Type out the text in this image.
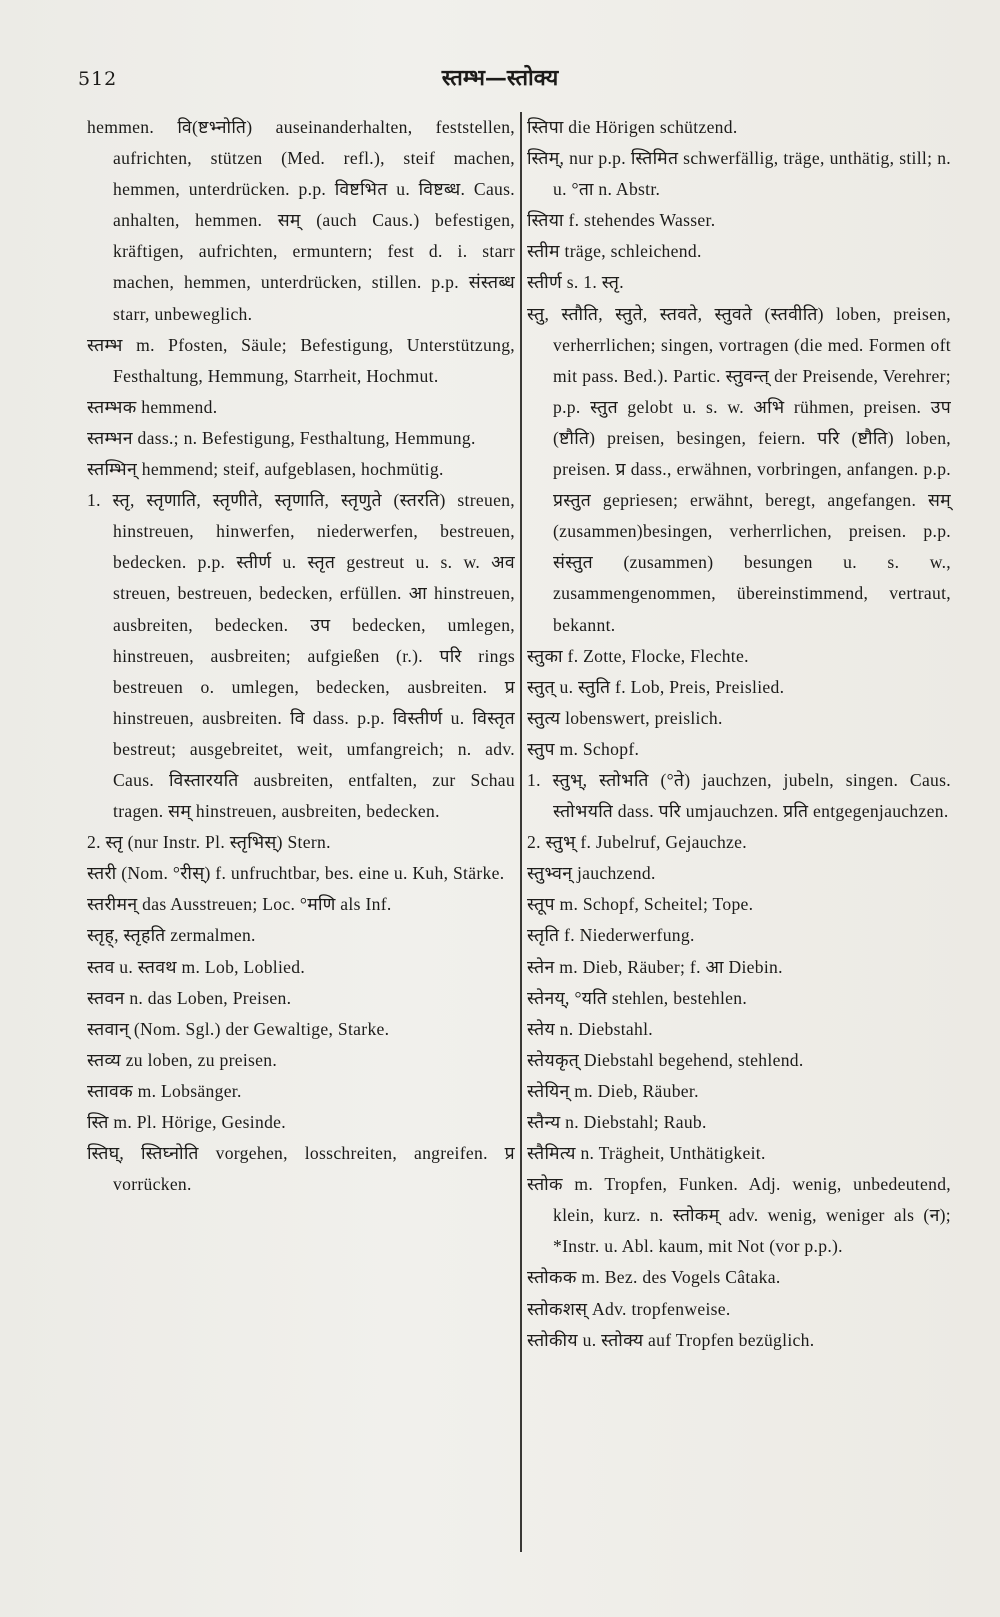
512	स्तम्भ—स्तोक्य
hemmen. वि(ष्टभ्नोति) auseinanderhalten, feststellen, aufrichten, stützen (Med. refl.), steif machen, hemmen, unterdrücken. p.p. विष्टभित u. विष्टब्ध. Caus. anhalten, hemmen. सम् (auch Caus.) befestigen, kräftigen, aufrichten, ermuntern; fest d. i. starr machen, hemmen, unterdrücken, stillen. p.p. संस्तब्ध starr, unbeweglich.
स्तम्भ m. Pfosten, Säule; Befestigung, Unterstützung, Festhaltung, Hemmung, Starrheit, Hochmut.
स्तम्भक hemmend.
स्तम्भन dass.; n. Befestigung, Festhaltung, Hemmung.
स्तम्भिन् hemmend; steif, aufgeblasen, hochmütig.
1. स्तृ, स्तृणाति, स्तृणीते, स्तृणाति, स्तृणुते (स्तरति) streuen, hinstreuen, hinwerfen, niederwerfen, bestreuen, bedecken. p.p. स्तीर्ण u. स्तृत gestreut u. s. w. अव streuen, bestreuen, bedecken, erfüllen. आ hinstreuen, ausbreiten, bedecken. उप bedecken, umlegen, hinstreuen, ausbreiten; aufgießen (r.). परि rings bestreuen o. umlegen, bedecken, ausbreiten. प्र hinstreuen, ausbreiten. वि dass. p.p. विस्तीर्ण u. विस्तृत bestreut; ausgebreitet, weit, umfangreich; n. adv. Caus. विस्तारयति ausbreiten, entfalten, zur Schau tragen. सम् hinstreuen, ausbreiten, bedecken.
2. स्तृ (nur Instr. Pl. स्तृभिस्) Stern.
स्तरी (Nom. °रीस्) f. unfruchtbar, bes. eine u. Kuh, Stärke.
स्तरीमन् das Ausstreuen; Loc. °मणि als Inf.
स्तृह्, स्तृहति zermalmen.
स्तव u. स्तवथ m. Lob, Loblied.
स्तवन n. das Loben, Preisen.
स्तवान् (Nom. Sgl.) der Gewaltige, Starke.
स्तव्य zu loben, zu preisen.
स्तावक m. Lobsänger.
स्ति m. Pl. Hörige, Gesinde.
स्तिघ्, स्तिघ्नोति vorgehen, losschreiten, angreifen. प्र vorrücken.
स्तिपा die Hörigen schützend.
स्तिम्, nur p.p. स्तिमित schwerfällig, träge, unthätig, still; n. u. °ता n. Abstr.
स्तिया f. stehendes Wasser.
स्तीम träge, schleichend.
स्तीर्ण s. 1. स्तृ.
स्तु, स्तौति, स्तुते, स्तवते, स्तुवते (स्तवीति) loben, preisen, verherrlichen; singen, vortragen (die med. Formen oft mit pass. Bed.). Partic. स्तुवन्त् der Preisende, Verehrer; p.p. स्तुत gelobt u. s. w. अभि rühmen, preisen. उप (ष्टौति) preisen, besingen, feiern. परि (ष्टौति) loben, preisen. प्र dass., erwähnen, vorbringen, anfangen. p.p. प्रस्तुत gepriesen; erwähnt, beregt, angefangen. सम् (zusammen)besingen, verherrlichen, preisen. p.p. संस्तुत (zusammen) besungen u. s. w., zusammengenommen, übereinstimmend, vertraut, bekannt.
स्तुका f. Zotte, Flocke, Flechte.
स्तुत् u. स्तुति f. Lob, Preis, Preislied.
स्तुत्य lobenswert, preislich.
स्तुप m. Schopf.
1. स्तुभ्, स्तोभति (°ते) jauchzen, jubeln, singen. Caus. स्तोभयति dass. परि umjauchzen. प्रति entgegenjauchzen.
2. स्तुभ् f. Jubelruf, Gejauchze.
स्तुभ्वन् jauchzend.
स्तूप m. Schopf, Scheitel; Tope.
स्तृति f. Niederwerfung.
स्तेन m. Dieb, Räuber; f. आ Diebin.
स्तेनय्, °यति stehlen, bestehlen.
स्तेय n. Diebstahl.
स्तेयकृत् Diebstahl begehend, stehlend.
स्तेयिन् m. Dieb, Räuber.
स्तैन्य n. Diebstahl; Raub.
स्तैमित्य n. Trägheit, Unthätigkeit.
स्तोक m. Tropfen, Funken. Adj. wenig, unbedeutend, klein, kurz. n. स्तोकम् adv. wenig, weniger als (न); *Instr. u. Abl. kaum, mit Not (vor p.p.).
स्तोकक m. Bez. des Vogels Câtaka.
स्तोकशस् Adv. tropfenweise.
स्तोकीय u. स्तोक्य auf Tropfen bezüglich.
